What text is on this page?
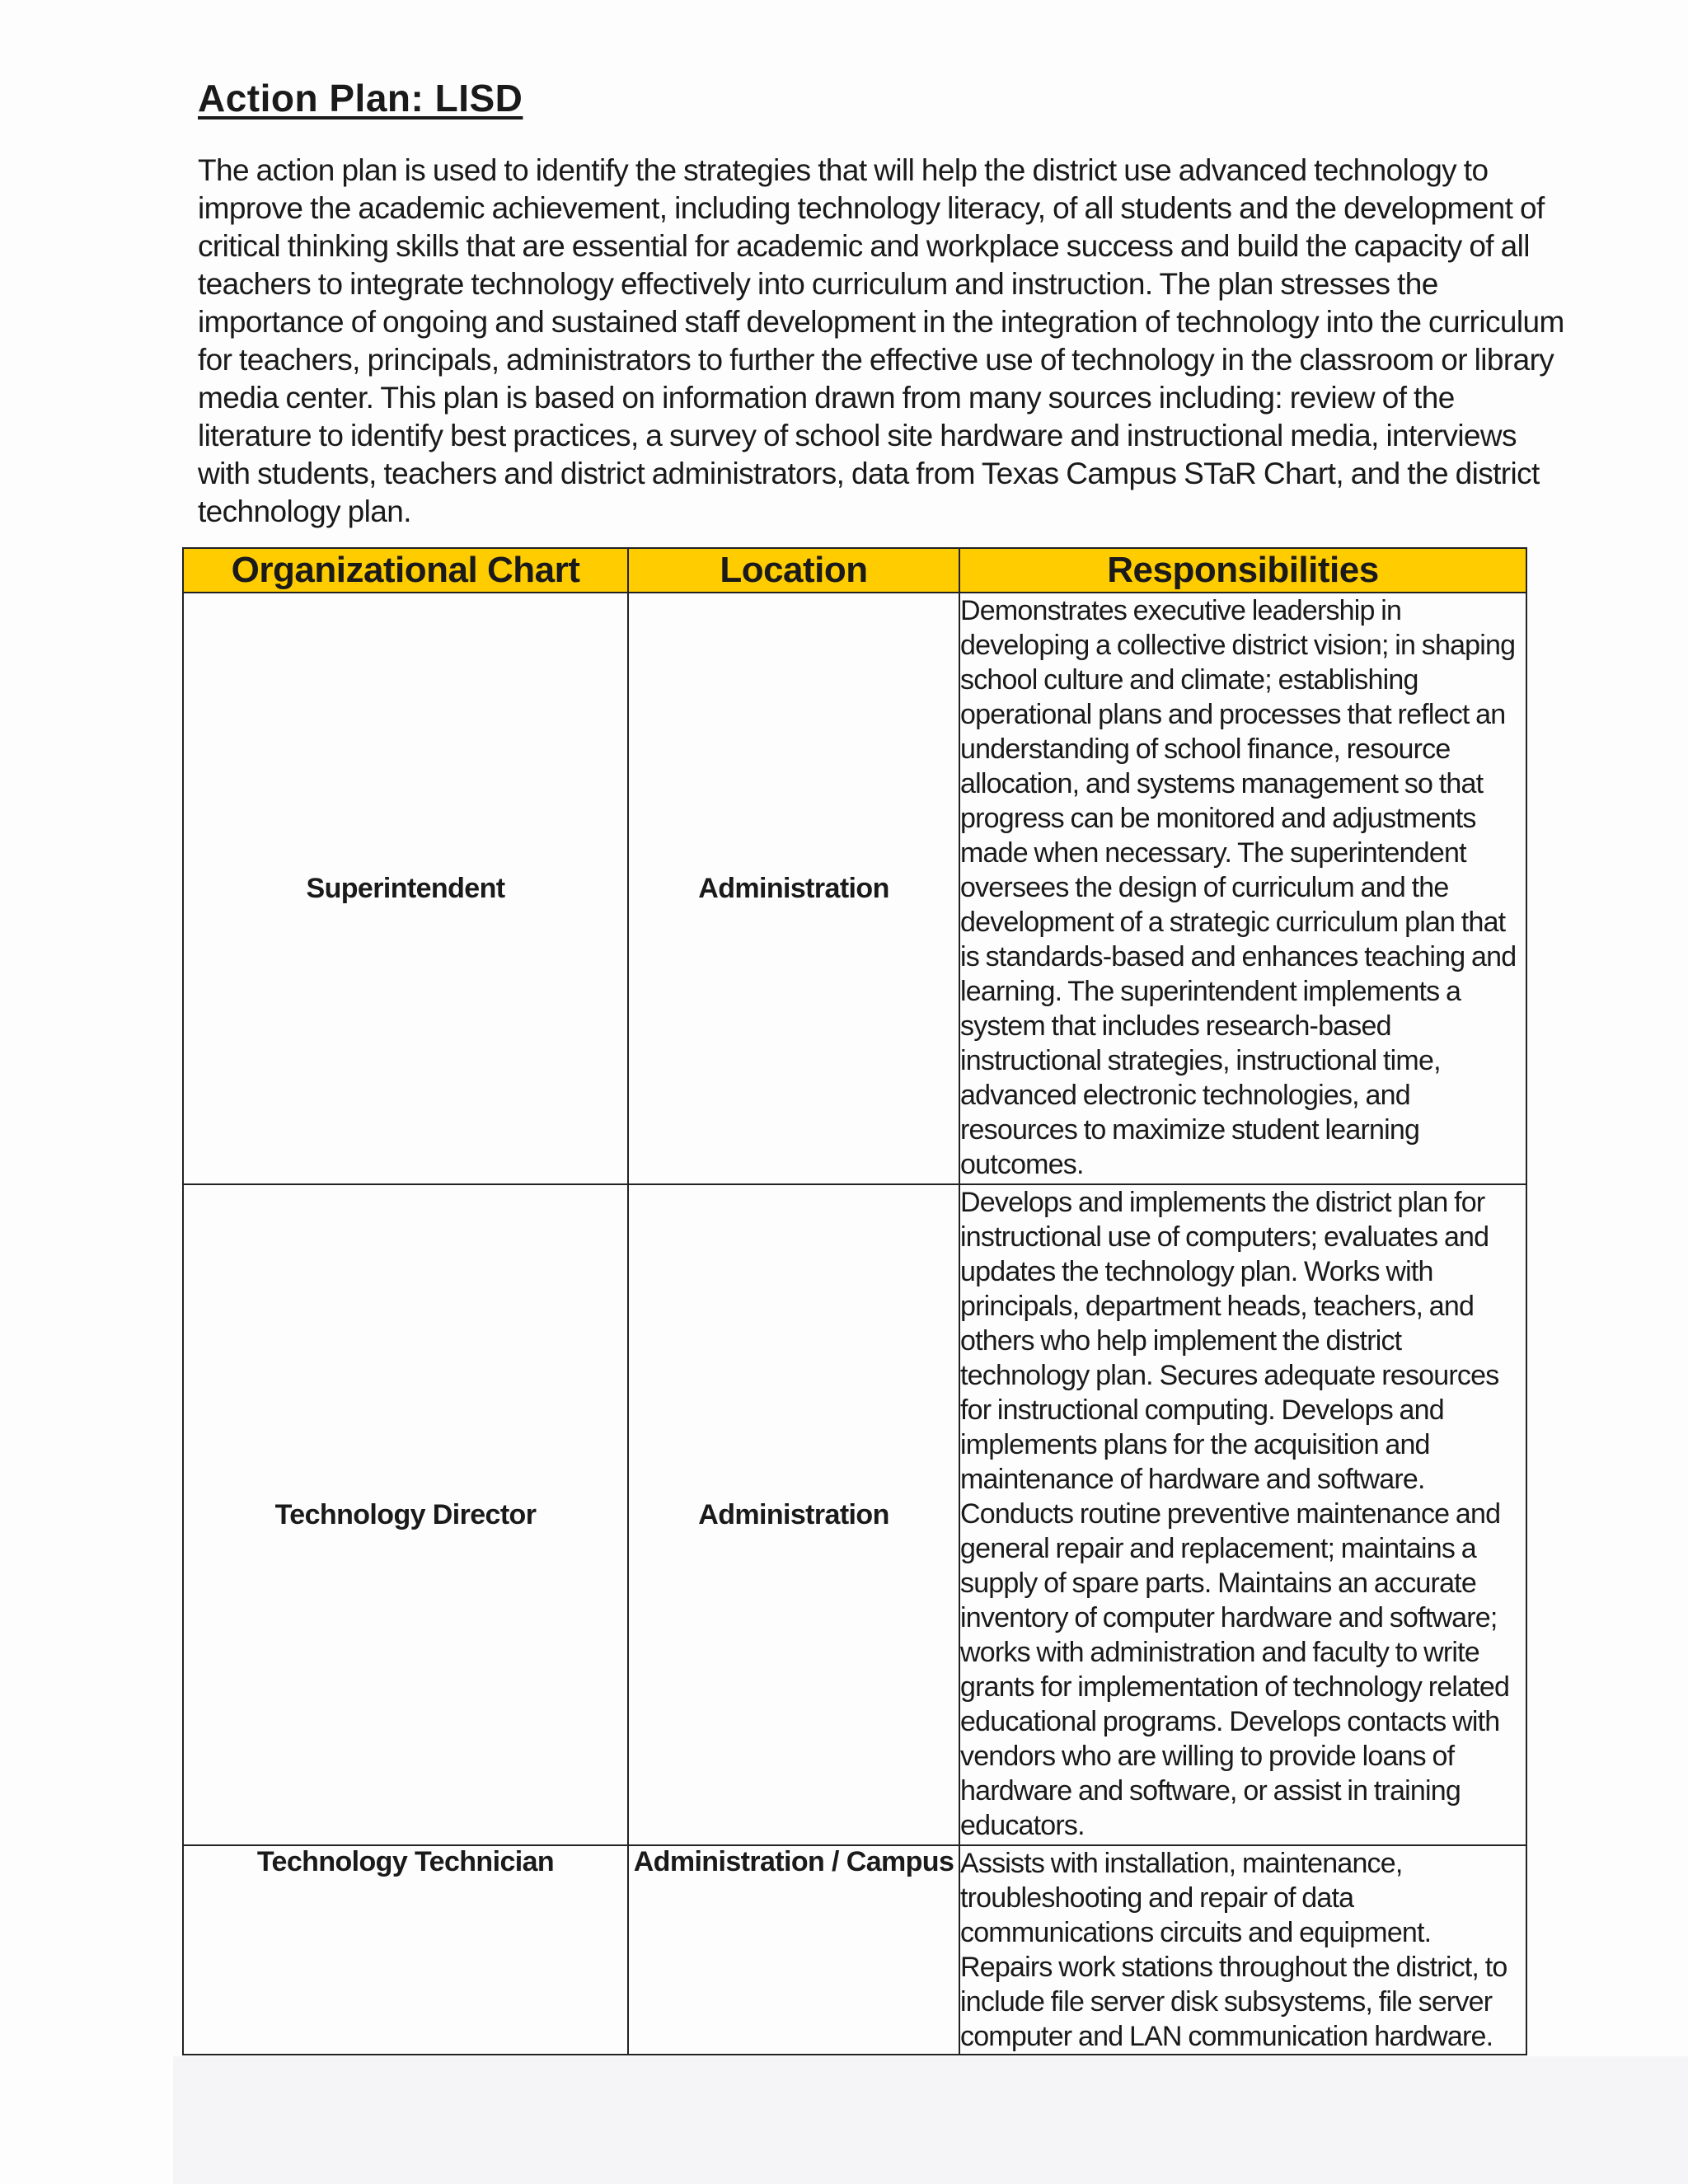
Action Plan: LISD

The action plan is used to identify the strategies that will help the district use advanced technology to improve the academic achievement, including technology literacy, of all students and the development of critical thinking skills that are essential for academic and workplace success and build the capacity of all teachers to integrate technology effectively into curriculum and instruction. The plan stresses the importance of ongoing and sustained staff development in the integration of technology into the curriculum for teachers, principals, administrators to further the effective use of technology in the classroom or library media center. This plan is based on information drawn from many sources including: review of the literature to identify best practices, a survey of school site hardware and instructional media, interviews with students, teachers and district administrators, data from Texas Campus STaR Chart, and the district technology plan.

Organizational Chart	Location	Responsibilities
Superintendent	Administration	Demonstrates executive leadership in developing a collective district vision; in shaping school culture and climate; establishing operational plans and processes that reflect an understanding of school finance, resource allocation, and systems management so that progress can be monitored and adjustments made when necessary. The superintendent oversees the design of curriculum and the development of a strategic curriculum plan that is standards-based and enhances teaching and learning. The superintendent implements a system that includes research-based instructional strategies, instructional time, advanced electronic technologies, and resources to maximize student learning outcomes.
Technology Director	Administration	Develops and implements the district plan for instructional use of computers; evaluates and updates the technology plan. Works with principals, department heads, teachers, and others who help implement the district technology plan. Secures adequate resources for instructional computing. Develops and implements plans for the acquisition and maintenance of hardware and software. Conducts routine preventive maintenance and general repair and replacement; maintains a supply of spare parts. Maintains an accurate inventory of computer hardware and software; works with administration and faculty to write grants for implementation of technology related educational programs. Develops contacts with vendors who are willing to provide loans of hardware and software, or assist in training educators.
Technology Technician	Administration / Campus	Assists with installation, maintenance, troubleshooting and repair of data communications circuits and equipment. Repairs work stations throughout the district, to include file server disk subsystems, file server computer and LAN communication hardware.
